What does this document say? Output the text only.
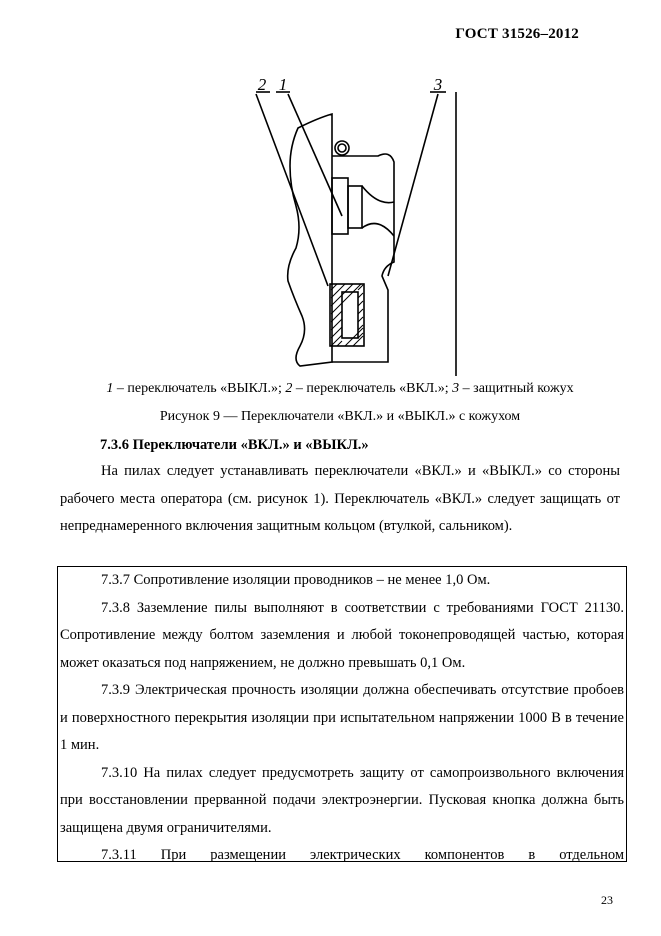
ГОСТ 31526–2012
2 1	3
1 – переключатель «ВЫКЛ.»; 2 – переключатель «ВКЛ.»; 3 – защитный кожух
Рисунок 9 — Переключатели «ВКЛ.» и «ВЫКЛ.» с кожухом
7.3.6 Переключатели «ВКЛ.» и «ВЫКЛ.»

На пилах следует устанавливать переключатели «ВКЛ.» и «ВЫКЛ.» со стороны рабочего места оператора (см. рисунок 1). Переключатель «ВКЛ.» следует защищать от непреднамеренного включения защитным кольцом (втулкой, сальником).

7.3.7 Сопротивление изоляции проводников – не менее 1,0 Ом.

7.3.8 Заземление пилы выполняют в соответствии с требованиями ГОСТ 21130. Сопротивление между болтом заземления и любой токонепроводящей частью, которая может оказаться под напряжением, не должно превышать 0,1 Ом.

7.3.9 Электрическая прочность изоляции должна обеспечивать отсутствие пробоев и поверхностного перекрытия изоляции при испытательном напряжении 1000 В в течение 1 мин.

7.3.10 На пилах следует предусмотреть защиту от самопроизвольного включения при восстановлении прерванной подачи электроэнергии. Пусковая кнопка должна быть защищена двумя ограничителями.

7.3.11 При размещении электрических компонентов в отдельном

23
